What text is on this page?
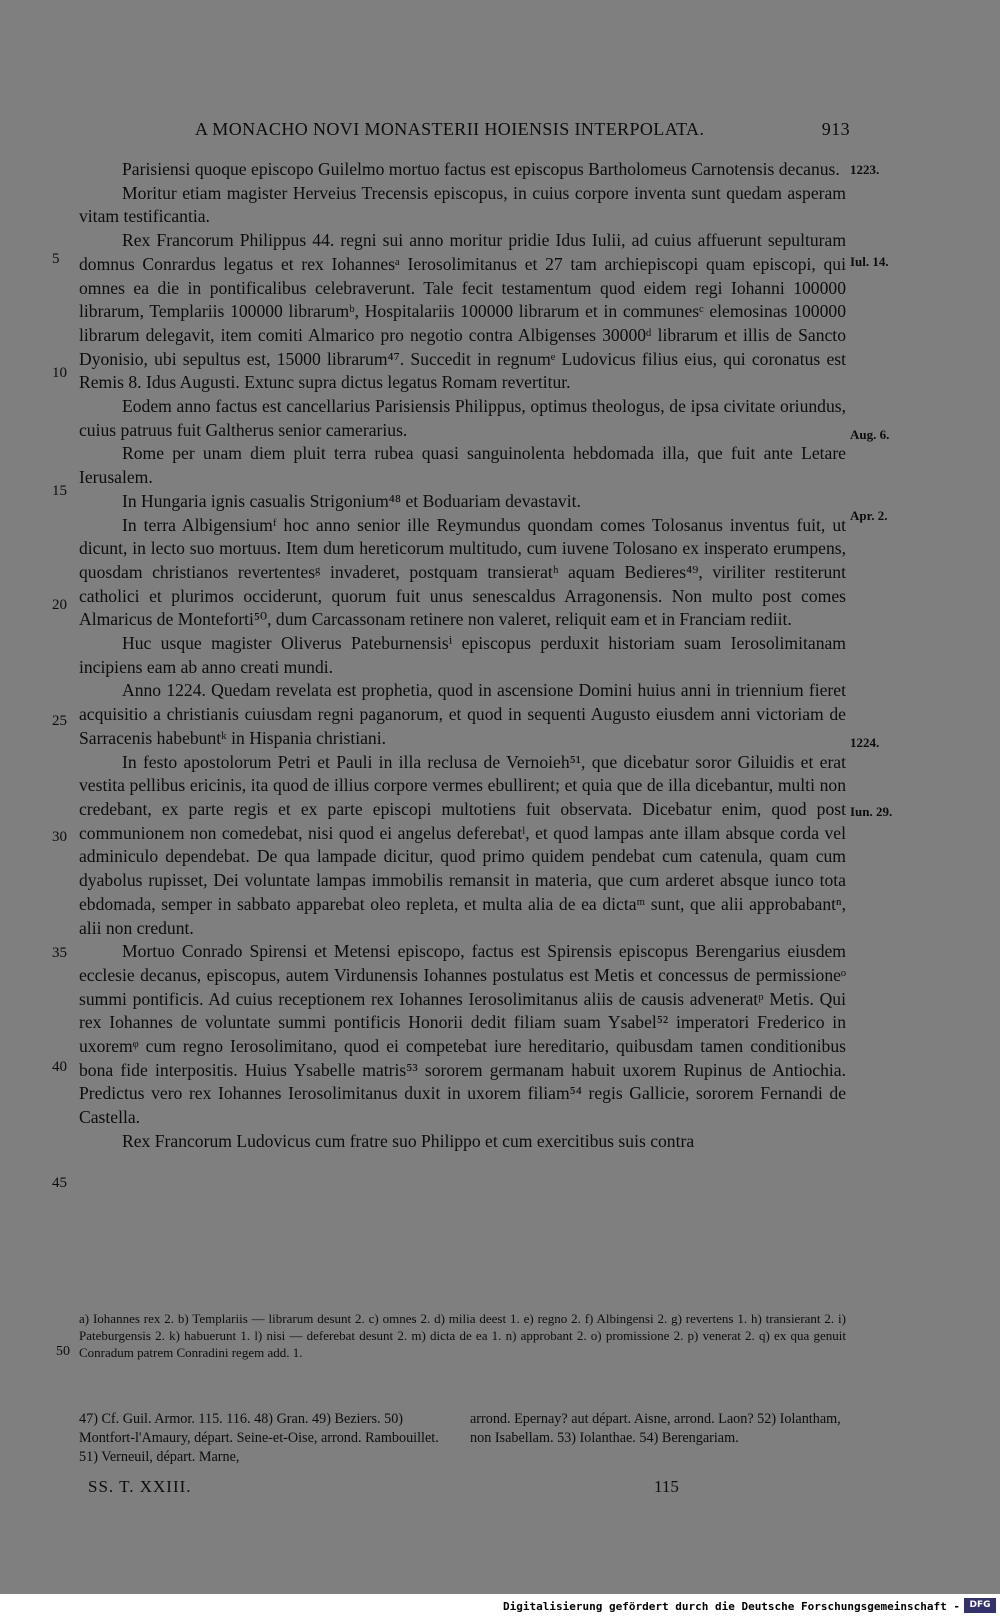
A MONACHO NOVI MONASTERII HOIENSIS INTERPOLATA.	913
5
10
15
20
25
30
35
40
45
1223.
Iul. 14.
Aug. 6.
Apr. 2.
1224.
Iun. 29.

Parisiensi quoque episcopo Guilelmo mortuo factus est episcopus Bartholomeus Carnotensis decanus.

Moritur etiam magister Herveius Trecensis episcopus, in cuius corpore inventa sunt quedam asperam vitam testificantia.

Rex Francorum Philippus 44. regni sui anno moritur pridie Idus Iulii, ad cuius affuerunt sepulturam domnus Conrardus legatus et rex Iohannesᵃ Ierosolimitanus et 27 tam archiepiscopi quam episcopi, qui omnes ea die in pontificalibus celebraverunt. Tale fecit testamentum quod eidem regi Iohanni 100000 librarum, Templariis 100000 librarumᵇ, Hospitalariis 100000 librarum et in communesᶜ elemosinas 100000 librarum delegavit, item comiti Almarico pro negotio contra Albigenses 30000ᵈ librarum et illis de Sancto Dyonisio, ubi sepultus est, 15000 librarum⁴⁷. Succedit in regnumᵉ Ludovicus filius eius, qui coronatus est Remis 8. Idus Augusti. Extunc supra dictus legatus Romam revertitur.

Eodem anno factus est cancellarius Parisiensis Philippus, optimus theologus, de ipsa civitate oriundus, cuius patruus fuit Galtherus senior camerarius.

Rome per unam diem pluit terra rubea quasi sanguinolenta hebdomada illa, que fuit ante Letare Ierusalem.

In Hungaria ignis casualis Strigonium⁴⁸ et Boduariam devastavit.

In terra Albigensiumᶠ hoc anno senior ille Reymundus quondam comes Tolosanus inventus fuit, ut dicunt, in lecto suo mortuus. Item dum hereticorum multitudo, cum iuvene Tolosano ex insperato erumpens, quosdam christianos revertentesᵍ invaderet, postquam transieratʰ aquam Bedieres⁴⁹, viriliter restiterunt catholici et plurimos occiderunt, quorum fuit unus senescaldus Arragonensis. Non multo post comes Almaricus de Monteforti⁵⁰, dum Carcassonam retinere non valeret, reliquit eam et in Franciam rediit.

Huc usque magister Oliverus Pateburnensisⁱ episcopus perduxit historiam suam Ierosolimitanam incipiens eam ab anno creati mundi.

Anno 1224. Quedam revelata est prophetia, quod in ascensione Domini huius anni in triennium fieret acquisitio a christianis cuiusdam regni paganorum, et quod in sequenti Augusto eiusdem anni victoriam de Sarracenis habebuntᵏ in Hispania christiani.

In festo apostolorum Petri et Pauli in illa reclusa de Vernoieh⁵¹, que dicebatur soror Giluidis et erat vestita pellibus ericinis, ita quod de illius corpore vermes ebullirent; et quia que de illa dicebantur, multi non credebant, ex parte regis et ex parte episcopi multotiens fuit observata. Dicebatur enim, quod post communionem non comedebat, nisi quod ei angelus deferebatˡ, et quod lampas ante illam absque corda vel adminiculo dependebat. De qua lampade dicitur, quod primo quidem pendebat cum catenula, quam cum dyabolus rupisset, Dei voluntate lampas immobilis remansit in materia, que cum arderet absque iunco tota ebdomada, semper in sabbato apparebat oleo repleta, et multa alia de ea dictaᵐ sunt, que alii approbabantⁿ, alii non credunt.

Mortuo Conrado Spirensi et Metensi episcopo, factus est Spirensis episcopus Berengarius eiusdem ecclesie decanus, episcopus, autem Virdunensis Iohannes postulatus est Metis et concessus de permissioneᵒ summi pontificis. Ad cuius receptionem rex Iohannes Ierosolimitanus aliis de causis adveneratᵖ Metis. Qui rex Iohannes de voluntate summi pontificis Honorii dedit filiam suam Ysabel⁵² imperatori Frederico in uxoremᵠ cum regno Ierosolimitano, quod ei competebat iure hereditario, quibusdam tamen conditionibus bona fide interpositis. Huius Ysabelle matris⁵³ sororem germanam habuit uxorem Rupinus de Antiochia. Predictus vero rex Iohannes Ierosolimitanus duxit in uxorem filiam⁵⁴ regis Gallicie, sororem Fernandi de Castella.

Rex Francorum Ludovicus cum fratre suo Philippo et cum exercitibus suis contra

50
a) Iohannes rex 2. b) Templariis — librarum desunt 2. c) omnes 2. d) milia deest 1. e) regno 2. f) Albingensi 2. g) revertens 1. h) transierant 2. i) Pateburgensis 2. k) habuerunt 1. l) nisi — deferebat desunt 2. m) dicta de ea 1. n) approbant 2. o) promissione 2. p) venerat 2. q) ex qua genuit Conradum patrem Conradini regem add. 1.
47) Cf. Guil. Armor. 115. 116. 48) Gran. 49) Beziers. 50) Montfort-l'Amaury, départ. Seine-et-Oise, arrond. Rambouillet. 51) Verneuil, départ. Marne,
arrond. Epernay? aut départ. Aisne, arrond. Laon? 52) Iolantham, non Isabellam. 53) Iolanthae. 54) Berengariam.
SS. T. XXIII.	115
Digitalisierung gefördert durch die Deutsche Forschungsgemeinschaft -	DFG
